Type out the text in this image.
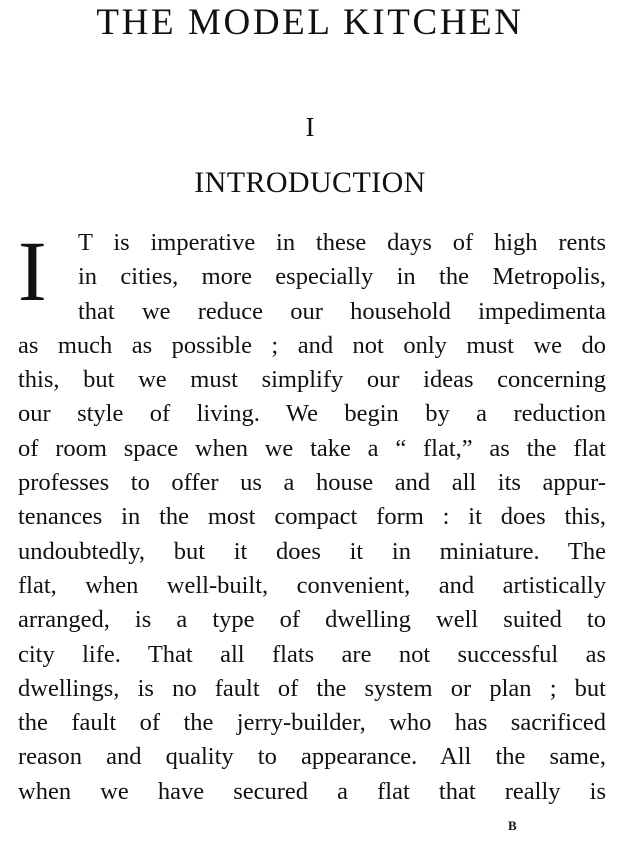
THE MODEL KITCHEN
I
INTRODUCTION
I T is imperative in these days of high rents
in cities, more especially in the Metropolis,
that we reduce our household impedimenta
as much as possible ; and not only must we do
this, but we must simplify our ideas concerning
our style of living. We begin by a reduction
of room space when we take a “ flat,” as the flat
professes to offer us a house and all its appur-
tenances in the most compact form : it does this,
undoubtedly, but it does it in miniature. The
flat, when well-built, convenient, and artistically
arranged, is a type of dwelling well suited to
city life. That all flats are not successful as
dwellings, is no fault of the system or plan ; but
the fault of the jerry-builder, who has sacrificed
reason and quality to appearance. All the same,
when we have secured a flat that really is
B
